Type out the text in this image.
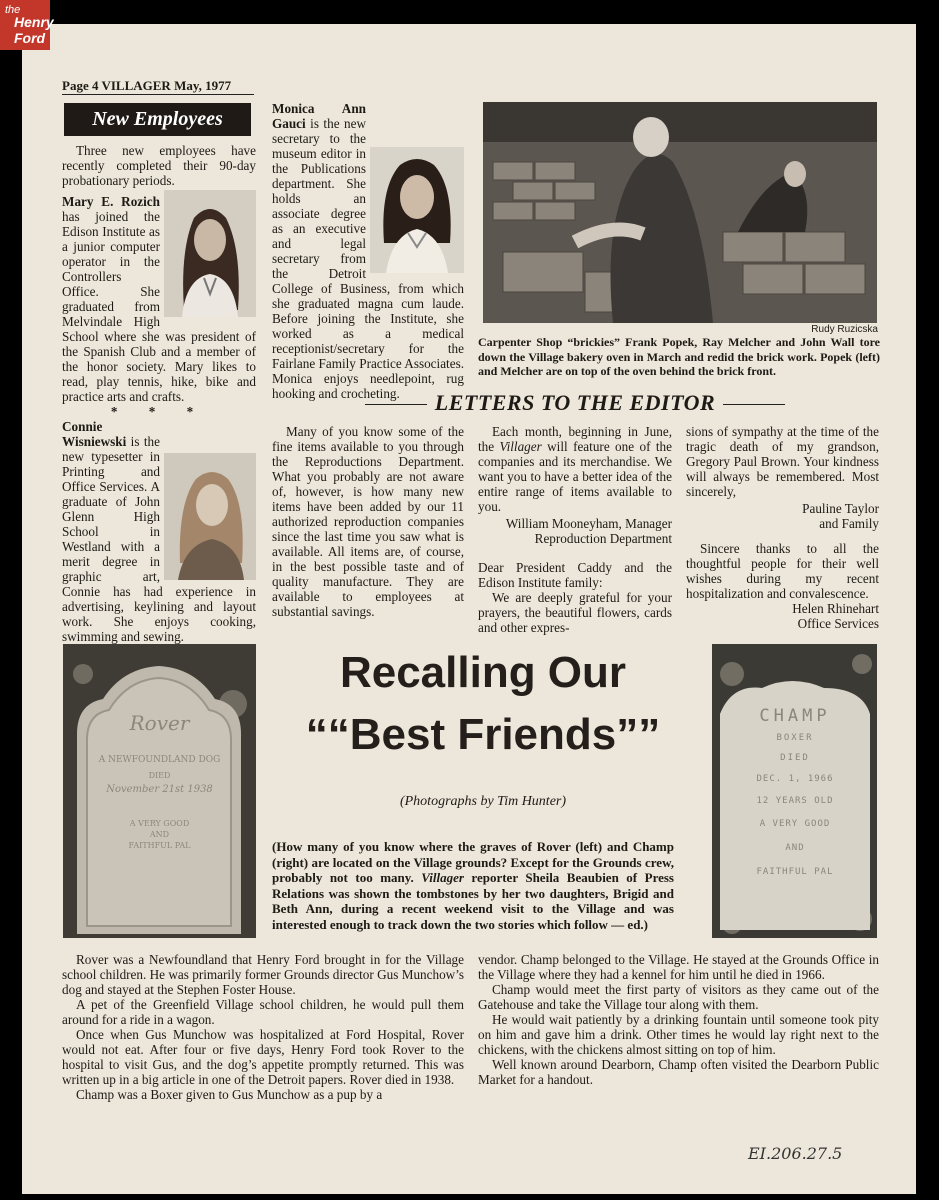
the
Henry
Ford
Page 4 VILLAGER May, 1977
New Employees

Three new employees have recently completed their 90-day probationary periods.

Mary E. Rozich has joined the Edison Institute as a junior computer operator in the Controllers Office. She graduated from Melvindale High School where she was president of the Spanish Club and a member of the honor society. Mary likes to read, play tennis, hike, bike and practice arts and crafts.

* * *

Connie Wisniewski is the new typesetter in Printing and Office Services. A graduate of John Glenn High School in Westland with a merit degree in graphic art, Connie has had experience in advertising, keylining and layout work. She enjoys cooking, swimming and sewing.

Monica Ann Gauci is the new secretary to the museum editor in the Publications department. She holds an associate degree as an executive and legal secretary from the Detroit College of Business, from which she graduated magna cum laude. Before joining the Institute, she worked as a medical receptionist/secretary for the Fairlane Family Practice Associates. Monica enjoys needlepoint, rug hooking and crocheting.

Rudy Ruzicska
Carpenter Shop “brickies” Frank Popek, Ray Melcher and John Wall tore down the Village bakery oven in March and redid the brick work. Popek (left) and Melcher are on top of the oven behind the brick front.
LETTERS TO THE EDITOR

Many of you know some of the fine items available to you through the Reproductions Department. What you probably are not aware of, however, is how many new items have been added by our 11 authorized reproduction companies since the last time you saw what is available. All items are, of course, in the best possible taste and of quality manufacture. They are available to employees at substantial savings.

Each month, beginning in June, the Villager will feature one of the companies and its merchandise. We want you to have a better idea of the entire range of items available to you.

William Mooneyham, Manager

Reproduction Department

Dear President Caddy and the Edison Institute family:

We are deeply grateful for your prayers, the beautiful flowers, cards and other expres-

sions of sympathy at the time of the tragic death of my grandson, Gregory Paul Brown. Your kindness will always be remembered. Most sincerely,

Pauline Taylor

and Family

Sincere thanks to all the thoughtful people for their well wishes during my recent hospitalization and convalescence.

Helen Rhinehart

Office Services

Rover
A NEWFOUNDLAND DOG
DIED
November 21st 1938
A VERY GOOD
AND
FAITHFUL PAL
CHAMP
BOXER
DIED
DEC. 1, 1966
12 YEARS OLD
A VERY GOOD
AND
FAITHFUL PAL
Recalling Our
““Best Friends””
(Photographs by Tim Hunter)
(How many of you know where the graves of Rover (left) and Champ (right) are located on the Village grounds? Except for the Grounds crew, probably not too many. Villager reporter Sheila Beaubien of Press Relations was shown the tombstones by her two daughters, Brigid and Beth Ann, during a recent weekend visit to the Village and was interested enough to track down the two stories which follow — ed.)

Rover was a Newfoundland that Henry Ford brought in for the Village school children. He was primarily former Grounds director Gus Munchow’s dog and stayed at the Stephen Foster House.

A pet of the Greenfield Village school children, he would pull them around for a ride in a wagon.

Once when Gus Munchow was hospitalized at Ford Hospital, Rover would not eat. After four or five days, Henry Ford took Rover to the hospital to visit Gus, and the dog’s appetite promptly returned. This was written up in a big article in one of the Detroit papers. Rover died in 1938.

Champ was a Boxer given to Gus Munchow as a pup by a

vendor. Champ belonged to the Village. He stayed at the Grounds Office in the Village where they had a kennel for him until he died in 1966.

Champ would meet the first party of visitors as they came out of the Gatehouse and take the Village tour along with them.

He would wait patiently by a drinking fountain until someone took pity on him and gave him a drink. Other times he would lay right next to the chickens, with the chickens almost sitting on top of him.

Well known around Dearborn, Champ often visited the Dearborn Public Market for a handout.

EI.206.27.5
